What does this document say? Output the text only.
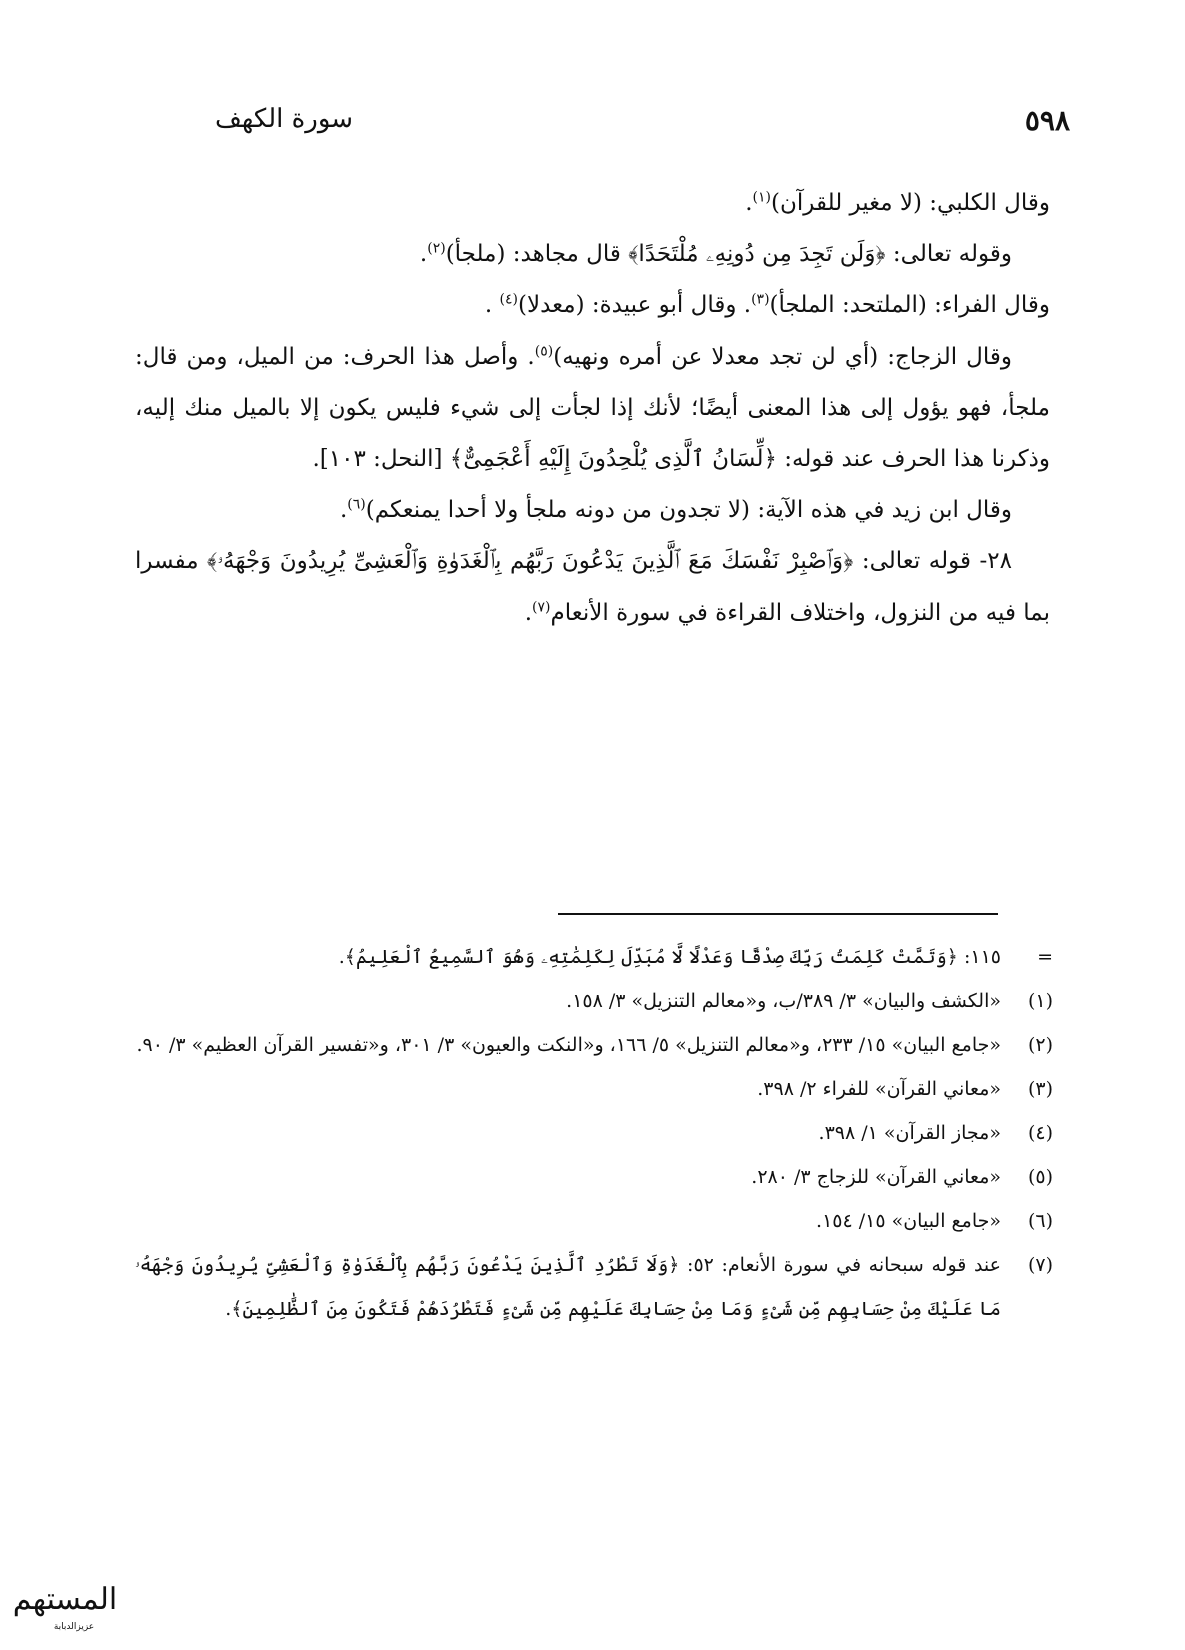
٥٩٨
سورة الكهف

وقال الكلبي: (لا مغير للقرآن)$^{(١)}$.

وقوله تعالى: ﴿وَلَن تَجِدَ مِن دُونِهِۦ مُلْتَحَدًا﴾ قال مجاهد: (ملجأ)$^{(٢)}$.

وقال الفراء: (الملتحد: الملجأ)$^{(٣)}$. وقال أبو عبيدة: (معدلا)$^{(٤)}$ .

وقال الزجاج: (أي لن تجد معدلا عن أمره ونهيه)$^{(٥)}$. وأصل هذا الحرف: من الميل، ومن قال: ملجأ، فهو يؤول إلى هذا المعنى أيضًا؛ لأنك إذا لجأت إلى شيء فليس يكون إلا بالميل منك إليه، وذكرنا هذا الحرف عند قوله: ﴿لِّسَانُ ٱلَّذِى يُلْحِدُونَ إِلَيْهِ أَعْجَمِىٌّ﴾ [النحل: ١٠٣].

وقال ابن زيد في هذه الآية: (لا تجدون من دونه ملجأ ولا أحدا يمنعكم)$^{(٦)}$.

٢٨- قوله تعالى: ﴿وَٱصْبِرْ نَفْسَكَ مَعَ ٱلَّذِينَ يَدْعُونَ رَبَّهُم بِٱلْغَدَوٰةِ وَٱلْعَشِىِّ يُرِيدُونَ وَجْهَهُۥ﴾ مفسرا بما فيه من النزول، واختلاف القراءة في سورة الأنعام$^{(٧)}$.

=
١١٥: ﴿وَتَمَّتْ كَلِمَتُ رَبِّكَ صِدْقًا وَعَدْلًا لَّا مُبَدِّلَ لِكَلِمَٰتِهِۦ وَهُوَ ٱلسَّمِيعُ ٱلْعَلِيمُ﴾.

(١)
«الكشف والبيان» ٣/ ٣٨٩/ب، و«معالم التنزيل» ٣/ ١٥٨.

(٢)
«جامع البيان» ١٥/ ٢٣٣، و«معالم التنزيل» ٥/ ١٦٦، و«النكت والعيون» ٣/ ٣٠١، و«تفسير القرآن العظيم» ٣/ ٩٠.

(٣)
«معاني القرآن» للفراء ٢/ ٣٩٨.

(٤)
«مجاز القرآن» ١/ ٣٩٨.

(٥)
«معاني القرآن» للزجاج ٣/ ٢٨٠.

(٦)
«جامع البيان» ١٥/ ١٥٤.

(٧)
عند قوله سبحانه في سورة الأنعام: ٥٢: ﴿وَلَا تَطْرُدِ ٱلَّذِينَ يَدْعُونَ رَبَّهُم بِٱلْغَدَوٰةِ وَٱلْعَشِىِّ يُرِيدُونَ وَجْهَهُۥ مَا عَلَيْكَ مِنْ حِسَابِهِم مِّن شَىْءٍ وَمَا مِنْ حِسَابِكَ عَلَيْهِم مِّن شَىْءٍ فَتَطْرُدَهُمْ فَتَكُونَ مِنَ ٱلظَّٰلِمِينَ﴾.

المستهم
عزيزالدبابة
